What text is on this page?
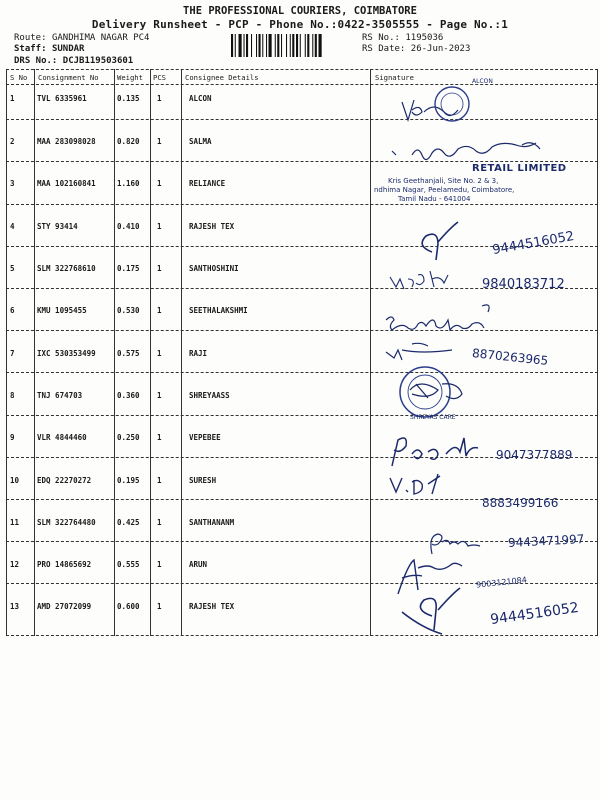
THE PROFESSIONAL COURIERS, COIMBATORE
Delivery Runsheet - PCP - Phone No.:0422-3505555 - Page No.:1
Route: GANDHIMA NAGAR PC4
Staff: SUNDAR
DRS No.: DCJB119503601
RS No.: 1195036
RS Date: 26-Jun-2023
S No Consignment No	Weight PCS	Consignee Details	Signature
1	TVL 6335961	0.135 1	ALCON
2	MAA 283098028	0.820 1	SALMA
3	MAA 102160841	1.160 1	RELIANCE
4	STY 93414	0.410 1	RAJESH TEX
5	SLM 322768610	0.175 1	SANTHOSHINI
6	KMU 1095455	0.530 1	SEETHALAKSHMI
7	IXC 530353499	0.575 1	RAJI
8	TNJ 674703	0.360 1	SHREYAASS
9	VLR 4844460	0.250 1	VEPEBEE
10 EDQ 22270272	0.195 1	SURESH
11 SLM 322764480	0.425 1	SANTHANANM
12 PRO 14865692	0.555 1	ARUN
13 AMD 27072099	0.600 1	RAJESH TEX
ALCON
RETAIL LIMITED
Kris Geethanjali, Site No. 2 & 3,
ndhima Nagar, Peelamedu, Coimbatore,
Tamil Nadu - 641004
9444516052
9840183712
8870263965
SHREYAS CARE
9047377889
8883499166
9443471997
9003121084
9444516052
